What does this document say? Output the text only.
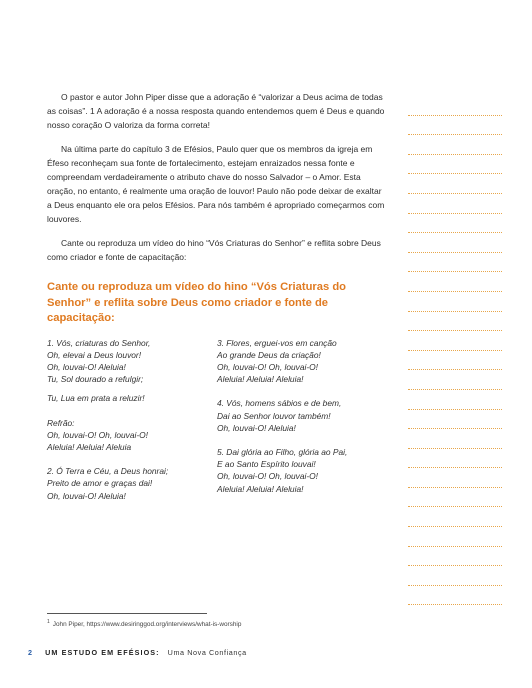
O pastor e autor John Piper disse que a adoração é “valorizar a Deus acima de todas as coisas”. 1 A adoração é a nossa resposta quando entendemos quem é Deus e quando nosso coração O valoriza da forma correta!

Na última parte do capítulo 3 de Efésios, Paulo quer que os membros da igreja em Éfeso reconheçam sua fonte de fortalecimento, estejam enraizados nessa fonte e compreendam verdadeiramente o atributo chave do nosso Salvador – o Amor. Esta oração, no entanto, é realmente uma oração de louvor! Paulo não pode deixar de exaltar a Deus enquanto ele ora pelos Efésios. Para nós também é apropriado começarmos com louvores.

Cante ou reproduza um vídeo do hino “Vós Criaturas do Senhor” e reflita sobre Deus como criador e fonte de capacitação:

Cante ou reproduza um vídeo do hino “Vós Criaturas do Senhor” e reflita sobre Deus como criador e fonte de capacitação:
1. Vós, criaturas do Senhor,
Oh, elevai a Deus louvor!
Oh, louvai-O! Aleluia!
Tu, Sol dourado a refulgir;
Tu, Lua em prata a reluzir!
Refrão:
Oh, louvai-O! Oh, louvai-O!
Aleluia! Aleluia! Aleluia
2. Ó Terra e Céu, a Deus honrai;
Preito de amor e graças dai!
Oh, louvai-O! Aleluia!
3. Flores, erguei-vos em canção
Ao grande Deus da criação!
Oh, louvai-O! Oh, louvai-O!
Aleluia! Aleluia! Aleluia!
4. Vós, homens sábios e de bem,
Dai ao Senhor louvor também!
Oh, louvai-O! Aleluia!
5. Dai glória ao Filho, glória ao Pai,
E ao Santo Espírito louvai!
Oh, louvai-O! Oh, louvai-O!
Aleluia! Aleluia! Aleluia!
$^1$ John Piper, https://www.desiringgod.org/interviews/what-is-worship
2 UM ESTUDO EM EFÉSIOS: Uma Nova Confiança
